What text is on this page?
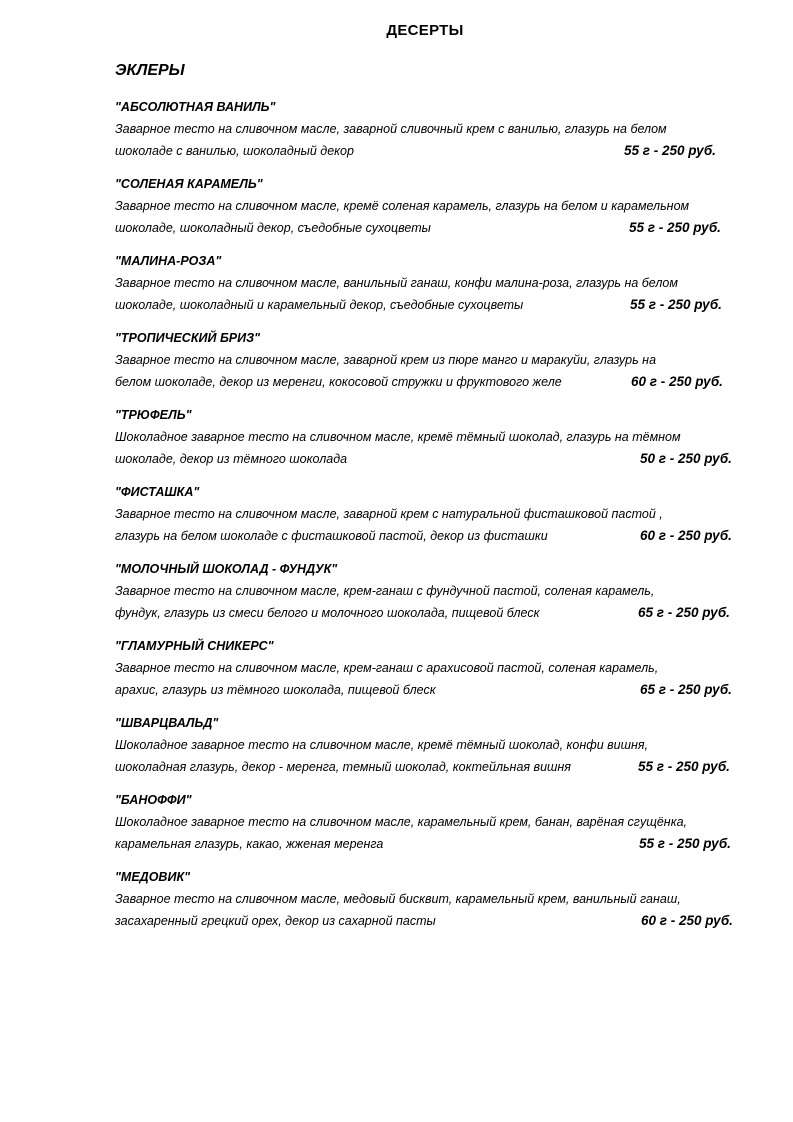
ДЕСЕРТЫ
ЭКЛЕРЫ
"АБСОЛЮТНАЯ ВАНИЛЬ"
Заварное тесто на сливочном масле, заварной сливочный крем с ванилью, глазурь на белом
шоколаде с ванилью, шоколадный декор	55 г - 250 руб.
"СОЛЕНАЯ КАРАМЕЛЬ"
Заварное тесто на сливочном масле, кремё соленая карамель, глазурь на белом и карамельном
шоколаде, шоколадный декор, съедобные сухоцветы	55 г - 250 руб.
"МАЛИНА-РОЗА"
Заварное тесто на сливочном масле, ванильный ганаш, конфи малина-роза, глазурь на белом
шоколаде, шоколадный и карамельный декор, съедобные сухоцветы	55 г - 250 руб.
"ТРОПИЧЕСКИЙ БРИЗ"
Заварное тесто на сливочном масле, заварной крем из пюре манго и маракуйи, глазурь на
белом шоколаде, декор из меренги, кокосовой стружки и фруктового желе	60 г - 250 руб.
"ТРЮФЕЛЬ"
Шоколадное заварное тесто на сливочном масле, кремё тёмный шоколад, глазурь на тёмном
шоколаде, декор из тёмного шоколада	50 г - 250 руб.
"ФИСТАШКА"
Заварное тесто на сливочном масле, заварной крем с натуральной фисташковой пастой ,
глазурь на белом шоколаде с фисташковой пастой, декор из фисташки	60 г - 250 руб.
"МОЛОЧНЫЙ ШОКОЛАД - ФУНДУК"
Заварное тесто на сливочном масле, крем-ганаш с фундучной пастой, соленая карамель,
фундук, глазурь из смеси белого и молочного шоколада, пищевой блеск	65 г - 250 руб.
"ГЛАМУРНЫЙ СНИКЕРС"
Заварное тесто на сливочном масле, крем-ганаш с арахисовой пастой, соленая карамель,
арахис, глазурь из тёмного шоколада, пищевой блеск	65 г - 250 руб.
"ШВАРЦВАЛЬД"
Шоколадное заварное тесто на сливочном масле, кремё тёмный шоколад, конфи вишня,
шоколадная глазурь, декор - меренга, темный шоколад, коктейльная вишня	55 г - 250 руб.
"БАНОФФИ"
Шоколадное заварное тесто на сливочном масле, карамельный крем, банан, варёная сгущёнка,
карамельная глазурь, какао, жженая меренга	55 г - 250 руб.
"МЕДОВИК"
Заварное тесто на сливочном масле, медовый бисквит, карамельный крем, ванильный ганаш,
засахаренный грецкий орех, декор из сахарной пасты	60 г - 250 руб.
